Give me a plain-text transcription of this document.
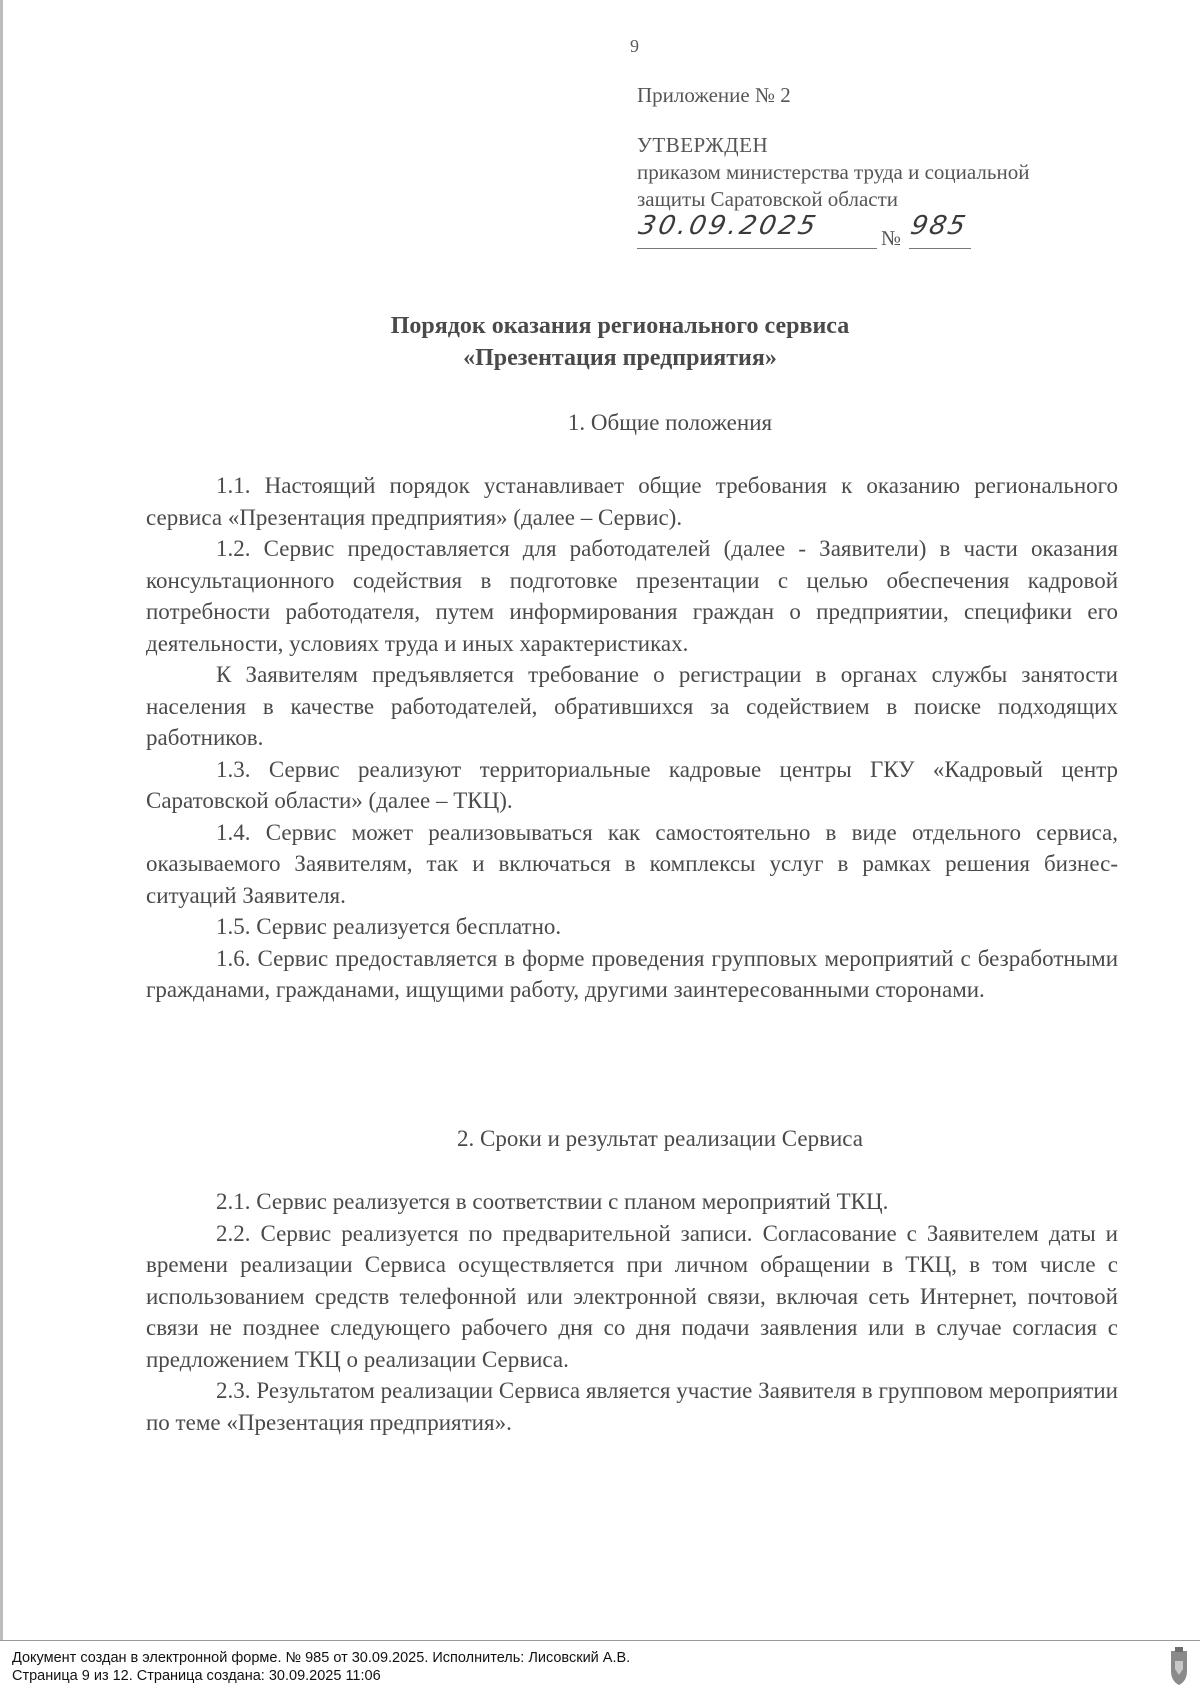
9

Приложение № 2

УТВЕРЖДЕН

приказом министерства труда и социальной

защиты Саратовской области

30.09.2025	№ 985
Порядок оказания регионального сервиса
«Презентация предприятия»
1. Общие положения

1.1. Настоящий порядок устанавливает общие требования к оказанию регионального сервиса «Презентация предприятия» (далее – Сервис).

1.2. Сервис предоставляется для работодателей (далее - Заявители) в части оказания консультационного содействия в подготовке презентации с целью обеспечения кадровой потребности работодателя, путем информирования граждан о предприятии, специфики его деятельности, условиях труда и иных характеристиках.

К Заявителям предъявляется требование о регистрации в органах службы занятости населения в качестве работодателей, обратившихся за содействием в поиске подходящих работников.

1.3. Сервис реализуют территориальные кадровые центры ГКУ «Кадровый центр Саратовской области» (далее – ТКЦ).

1.4. Сервис может реализовываться как самостоятельно в виде отдельного сервиса, оказываемого Заявителям, так и включаться в комплексы услуг в рамках решения бизнес-ситуаций Заявителя.

1.5. Сервис реализуется бесплатно.

1.6. Сервис предоставляется в форме проведения групповых мероприятий с безработными гражданами, гражданами, ищущими работу, другими заинтересованными сторонами.

2. Сроки и результат реализации Сервиса

2.1. Сервис реализуется в соответствии с планом мероприятий ТКЦ.

2.2. Сервис реализуется по предварительной записи. Согласование с Заявителем даты и времени реализации Сервиса осуществляется при личном обращении в ТКЦ, в том числе с использованием средств телефонной или электронной связи, включая сеть Интернет, почтовой связи не позднее следующего рабочего дня со дня подачи заявления или в случае согласия с предложением ТКЦ о реализации Сервиса.

2.3. Результатом реализации Сервиса является участие Заявителя в групповом мероприятии по теме «Презентация предприятия».

Документ создан в электронной форме. № 985 от 30.09.2025. Исполнитель: Лисовский А.В.
Страница 9 из 12. Страница создана: 30.09.2025 11:06
